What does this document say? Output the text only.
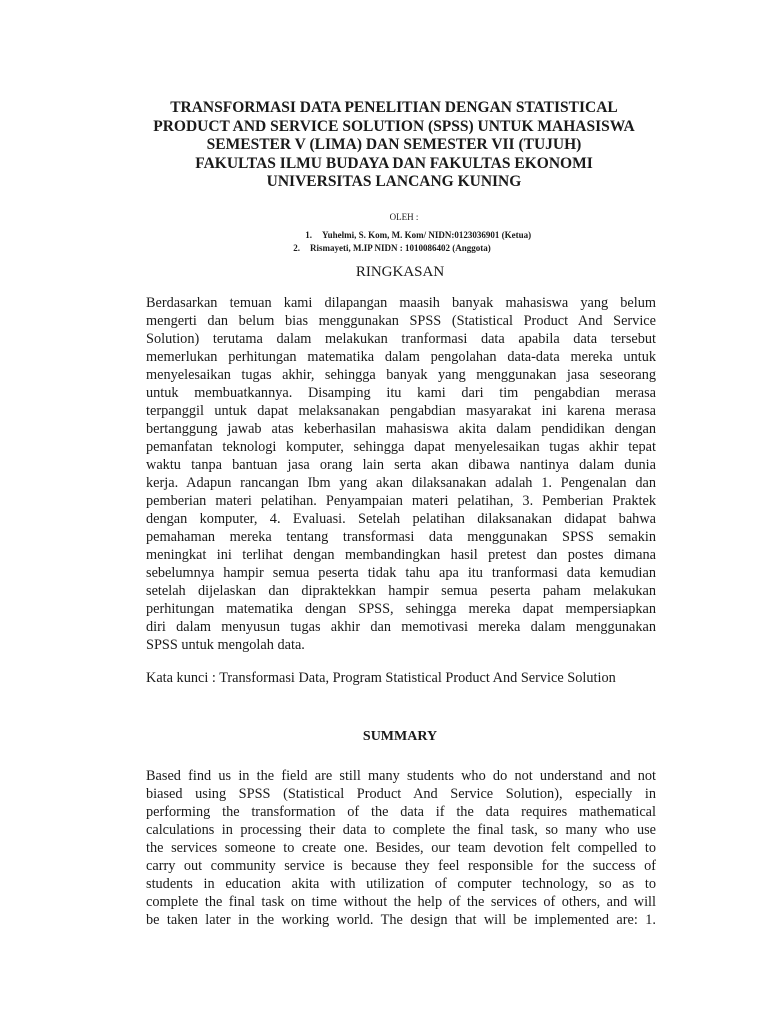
TRANSFORMASI DATA PENELITIAN DENGAN STATISTICAL
PRODUCT AND SERVICE SOLUTION (SPSS) UNTUK MAHASISWA
SEMESTER V (LIMA) DAN SEMESTER VII (TUJUH)
FAKULTAS ILMU BUDAYA DAN FAKULTAS EKONOMI
UNIVERSITAS LANCANG KUNING
OLEH :
1. Yuhelmi, S. Kom, M. Kom/ NIDN:0123036901 (Ketua)
2. Rismayeti, M.IP NIDN : 1010086402 (Anggota)
RINGKASAN
Berdasarkan temuan kami dilapangan maasih banyak mahasiswa yang belum
mengerti dan belum bias menggunakan SPSS (Statistical Product And Service
Solution) terutama dalam melakukan tranformasi data apabila data tersebut
memerlukan perhitungan matematika dalam pengolahan data-data mereka untuk
menyelesaikan tugas akhir, sehingga banyak yang menggunakan jasa seseorang
untuk membuatkannya. Disamping itu kami dari tim pengabdian merasa
terpanggil untuk dapat melaksanakan pengabdian masyarakat ini karena merasa
bertanggung jawab atas keberhasilan mahasiswa akita dalam pendidikan dengan
pemanfatan teknologi komputer, sehingga dapat menyelesaikan tugas akhir tepat
waktu tanpa bantuan jasa orang lain serta akan dibawa nantinya dalam dunia
kerja. Adapun rancangan Ibm yang akan dilaksanakan adalah 1. Pengenalan dan
pemberian materi pelatihan. Penyampaian materi pelatihan, 3. Pemberian Praktek
dengan komputer, 4. Evaluasi. Setelah pelatihan dilaksanakan didapat bahwa
pemahaman mereka tentang transformasi data menggunakan SPSS semakin
meningkat ini terlihat dengan membandingkan hasil pretest dan postes dimana
sebelumnya hampir semua peserta tidak tahu apa itu tranformasi data kemudian
setelah dijelaskan dan dipraktekkan hampir semua peserta paham melakukan
perhitungan matematika dengan SPSS, sehingga mereka dapat mempersiapkan
diri dalam menyusun tugas akhir dan memotivasi mereka dalam menggunakan
SPSS untuk mengolah data.
Kata kunci : Transformasi Data, Program Statistical Product And Service Solution
SUMMARY
Based find us in the field are still many students who do not understand and not
biased using SPSS (Statistical Product And Service Solution), especially in
performing the transformation of the data if the data requires mathematical
calculations in processing their data to complete the final task, so many who use
the services someone to create one. Besides, our team devotion felt compelled to
carry out community service is because they feel responsible for the success of
students in education akita with utilization of computer technology, so as to
complete the final task on time without the help of the services of others, and will
be taken later in the working world. The design that will be implemented are: 1.
